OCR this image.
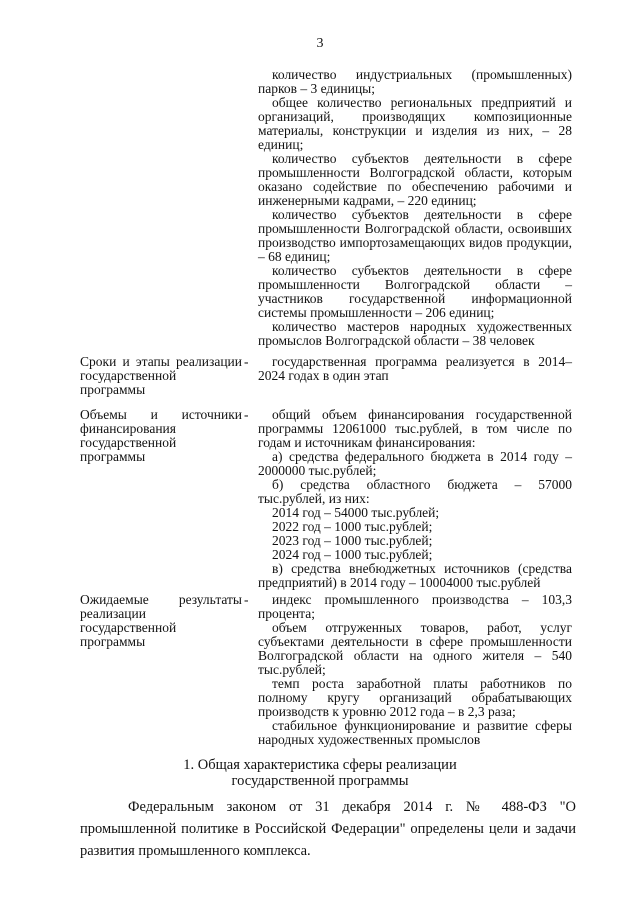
3

количество индустриальных (промышленных) парков – 3 единицы;

общее количество региональных предприятий и организаций, производящих композиционные материалы, конструкции и изделия из них, – 28 единиц;

количество субъектов деятельности в сфере промышленности Волгоградской области, которым оказано содействие по обеспечению рабочими и инженерными кадрами, – 220 единиц;

количество субъектов деятельности в сфере промышленности Волгоградской области, освоивших производство импортозамещающих видов продукции, – 68 единиц;

количество субъектов деятельности в сфере промышленности Волгоградской области – участников государственной информационной системы промышленности – 206 единиц;

количество мастеров народных художественных промыслов Волгоградской области – 38 человек

Сроки и этапы реализации государственной программы
-	государственная программа реализуется в 2014–2024 годах в один этап

Объемы и источники финансирования государственной программы
-	общий объем финансирования государственной программы 12061000 тыс.рублей, в том числе по годам и источникам финансирования:

а) средства федерального бюджета в 2014 году – 2000000 тыс.рублей;

б) средства областного бюджета – 57000 тыс.рублей, из них:

2014 год – 54000 тыс.рублей;

2022 год – 1000 тыс.рублей;

2023 год – 1000 тыс.рублей;

2024 год – 1000 тыс.рублей;

в) средства внебюджетных источников (средства предприятий) в 2014 году – 10004000 тыс.рублей

Ожидаемые результаты реализации государственной программы
-	индекс промышленного производства – 103,3 процента;

объем отгруженных товаров, работ, услуг субъектами деятельности в сфере промышленности Волгоградской области на одного жителя – 540 тыс.рублей;

темп роста заработной платы работников по полному кругу организаций обрабатывающих производств к уровню 2012 года – в 2,3 раза;

стабильное функционирование и развитие сферы народных художественных промыслов

1. Общая характеристика сферы реализации
государственной программы

Федеральным законом от 31 декабря 2014 г. № 488-ФЗ "О промышленной политике в Российской Федерации" определены цели и задачи развития промышленного комплекса.
